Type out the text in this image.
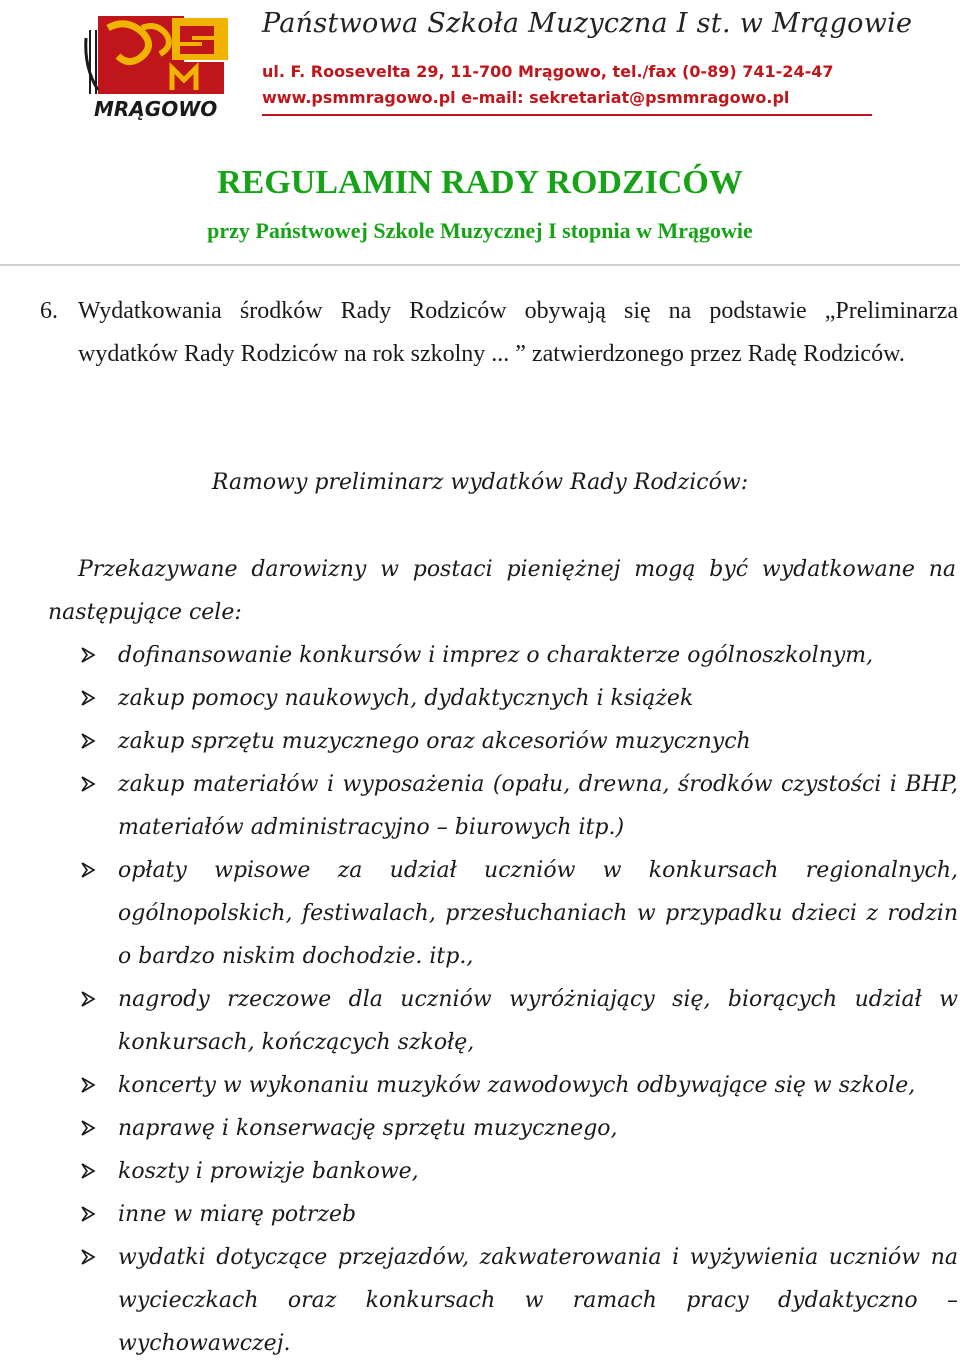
MRĄGOWO
Państwowa Szkoła Muzyczna I st. w Mrągowie
ul. F. Roosevelta 29, 11-700 Mrągowo, tel./fax (0-89) 741-24-47
www.psmmragowo.pl e-mail: sekretariat@psmmragowo.pl
REGULAMIN RADY RODZICÓW
przy Państwowej Szkole Muzycznej I stopnia w Mrągowie
6. Wydatkowania środków Rady Rodziców obywają się na podstawie „Preliminarza wydatków Rady Rodziców na rok szkolny ... ” zatwierdzonego przez Radę Rodziców.
Ramowy preliminarz wydatków Rady Rodziców:
Przekazywane darowizny w postaci pieniężnej mogą być wydatkowane na następujące cele:
dofinansowanie konkursów i imprez o charakterze ogólnoszkolnym,
zakup pomocy naukowych, dydaktycznych i książek
zakup sprzętu muzycznego oraz akcesoriów muzycznych
zakup materiałów i wyposażenia (opału, drewna, środków czystości i BHP, materiałów administracyjno – biurowych itp.)
opłaty wpisowe za udział uczniów w konkursach regionalnych, ogólnopolskich, festiwalach, przesłuchaniach w przypadku dzieci z rodzin o bardzo niskim dochodzie. itp.,
nagrody rzeczowe dla uczniów wyróżniający się, biorących udział w konkursach, kończących szkołę,
koncerty w wykonaniu muzyków zawodowych odbywające się w szkole,
naprawę i konserwację sprzętu muzycznego,
koszty i prowizje bankowe,
inne w miarę potrzeb
wydatki dotyczące przejazdów, zakwaterowania i wyżywienia uczniów na wycieczkach oraz konkursach w ramach pracy dydaktyczno – wychowawczej.
